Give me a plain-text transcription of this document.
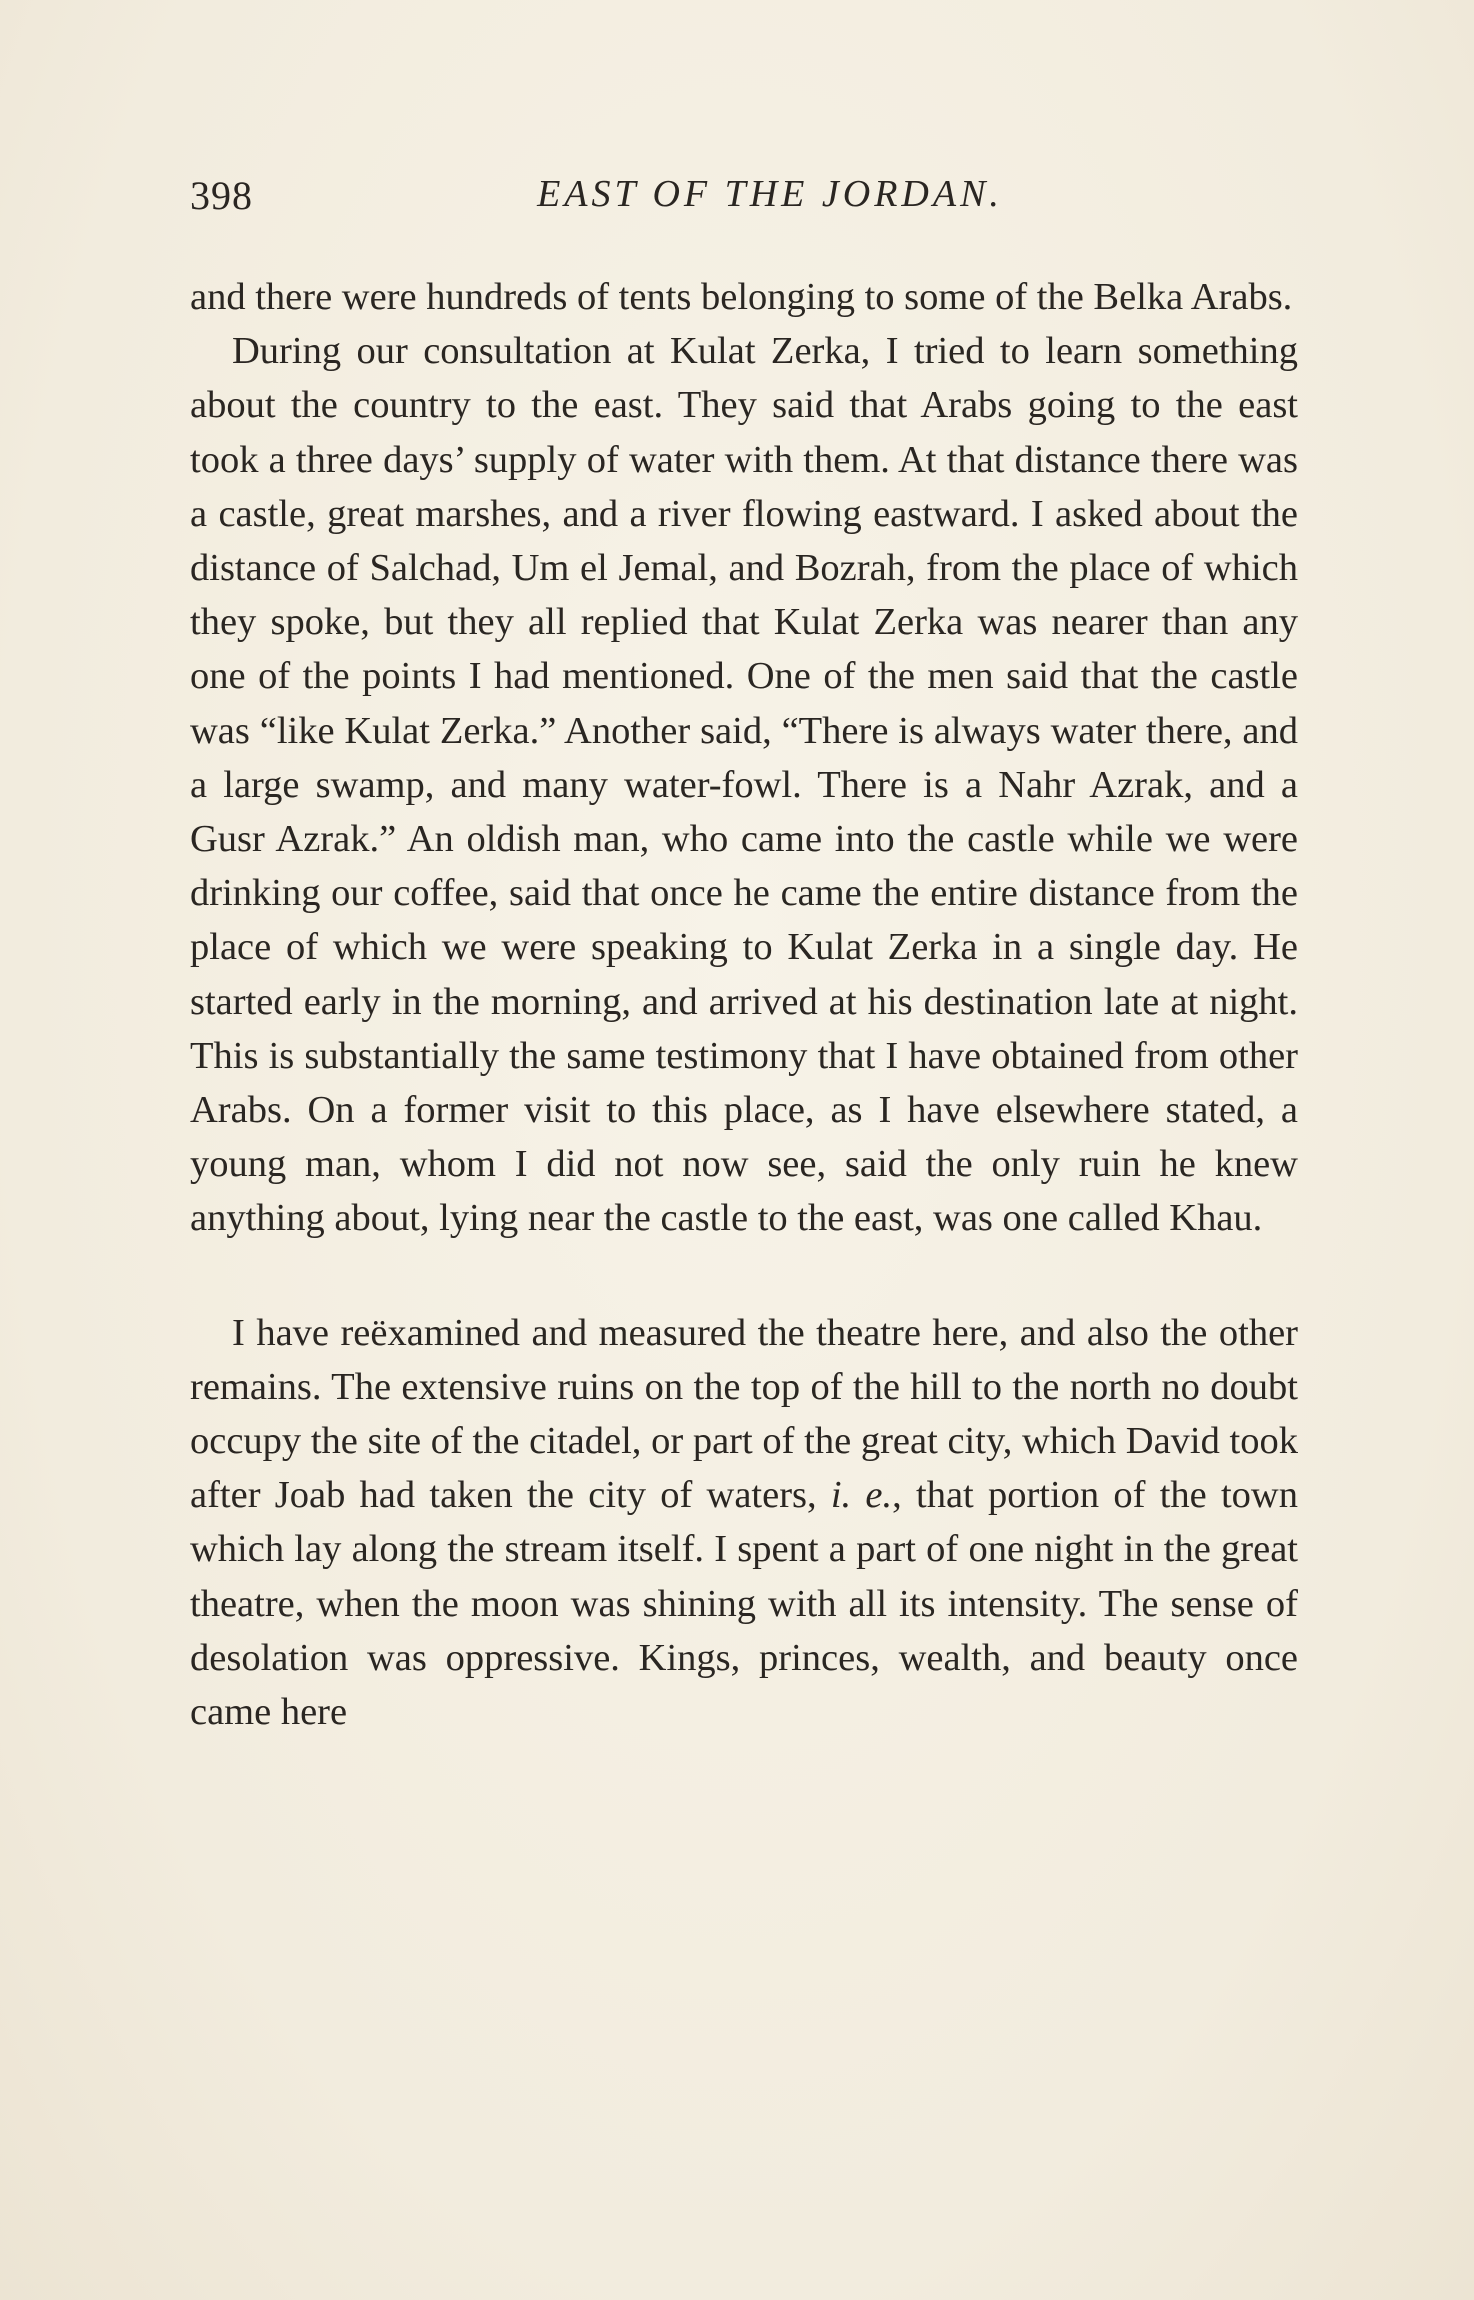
398	EAST OF THE JORDAN.

and there were hundreds of tents belonging to some of the Belka Arabs.

During our consultation at Kulat Zerka, I tried to learn something about the country to the east. They said that Arabs going to the east took a three days’ supply of water with them. At that distance there was a castle, great marshes, and a river flowing eastward. I asked about the distance of Salchad, Um el Jemal, and Bozrah, from the place of which they spoke, but they all replied that Kulat Zerka was nearer than any one of the points I had mentioned. One of the men said that the castle was “like Kulat Zerka.” Another said, “There is always water there, and a large swamp, and many water-fowl. There is a Nahr Azrak, and a Gusr Azrak.” An oldish man, who came into the castle while we were drinking our coffee, said that once he came the entire distance from the place of which we were speaking to Kulat Zerka in a single day. He started early in the morning, and arrived at his destination late at night. This is substantially the same testimony that I have obtained from other Arabs. On a former visit to this place, as I have elsewhere stated, a young man, whom I did not now see, said the only ruin he knew anything about, lying near the castle to the east, was one called Khau.

I have reëxamined and measured the theatre here, and also the other remains. The extensive ruins on the top of the hill to the north no doubt occupy the site of the citadel, or part of the great city, which David took after Joab had taken the city of waters, i. e., that portion of the town which lay along the stream itself. I spent a part of one night in the great theatre, when the moon was shining with all its intensity. The sense of desolation was oppressive. Kings, princes, wealth, and beauty once came here
